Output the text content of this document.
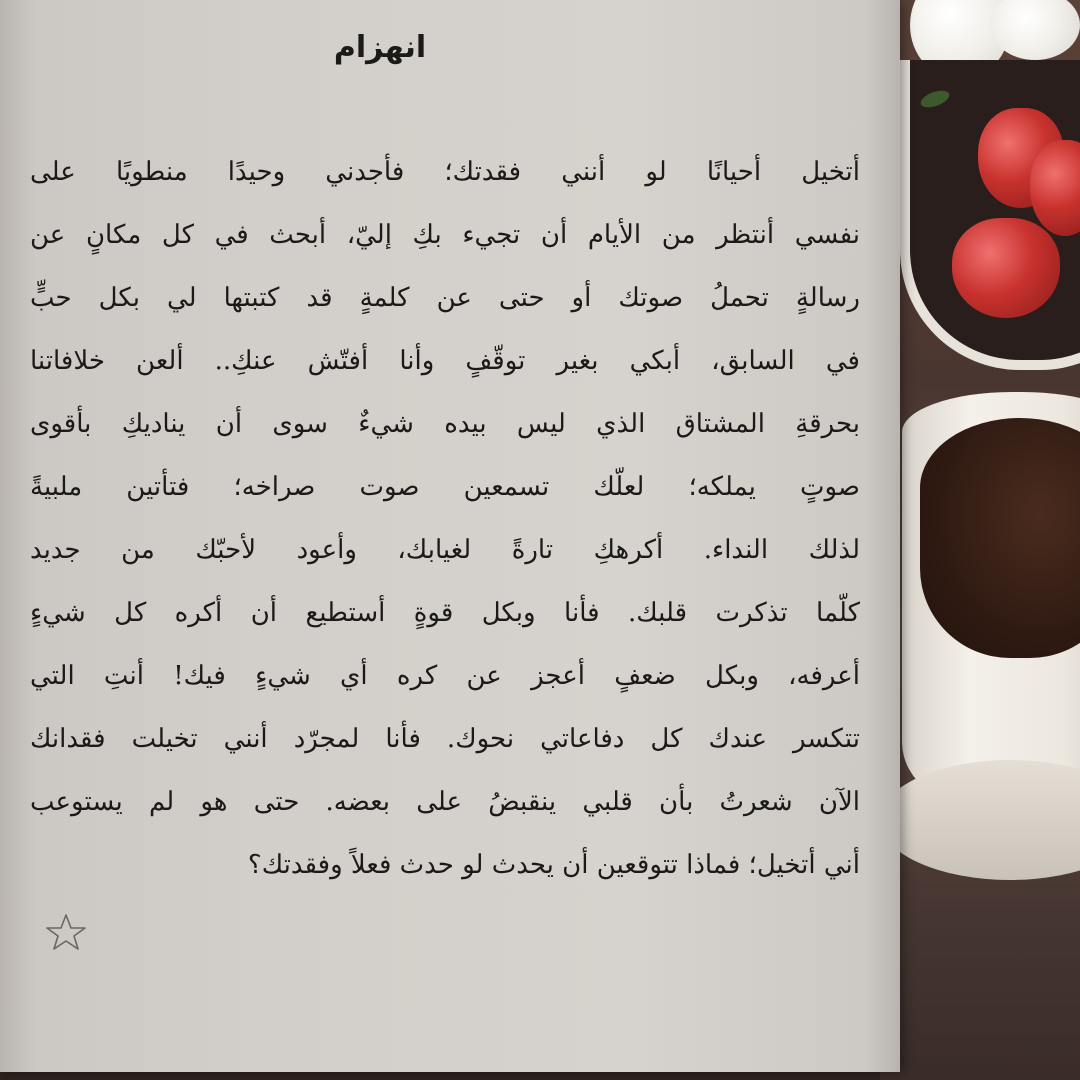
انهزام
أتخيل أحيانًا لو أنني فقدتك؛ فأجدني وحيدًا منطويًا على
نفسي أنتظر من الأيام أن تجيء بكِ إليّ، أبحث في كل مكانٍ عن
رسالةٍ تحملُ صوتك أو حتى عن كلمةٍ قد كتبتها لي بكل حبٍّ
في السابق، أبكي بغير توقّفٍ وأنا أفتّش عنكِ.. ألعن خلافاتنا
بحرقةِ المشتاق الذي ليس بيده شيءٌ سوى أن يناديكِ بأقوى
صوتٍ يملكه؛ لعلّك تسمعين صوت صراخه؛ فتأتين ملبيةً
لذلك النداء. أكرهكِ تارةً لغيابك، وأعود لأحبّك من جديد
كلّما تذكرت قلبك. فأنا وبكل قوةٍ أستطيع أن أكره كل شيءٍ
أعرفه، وبكل ضعفٍ أعجز عن كره أي شيءٍ فيك! أنتِ التي
تتكسر عندك كل دفاعاتي نحوك. فأنا لمجرّد أنني تخيلت فقدانك
الآن شعرتُ بأن قلبي ينقبضُ على بعضه. حتى هو لم يستوعب
أني أتخيل؛ فماذا تتوقعين أن يحدث لو حدث فعلاً وفقدتك؟
